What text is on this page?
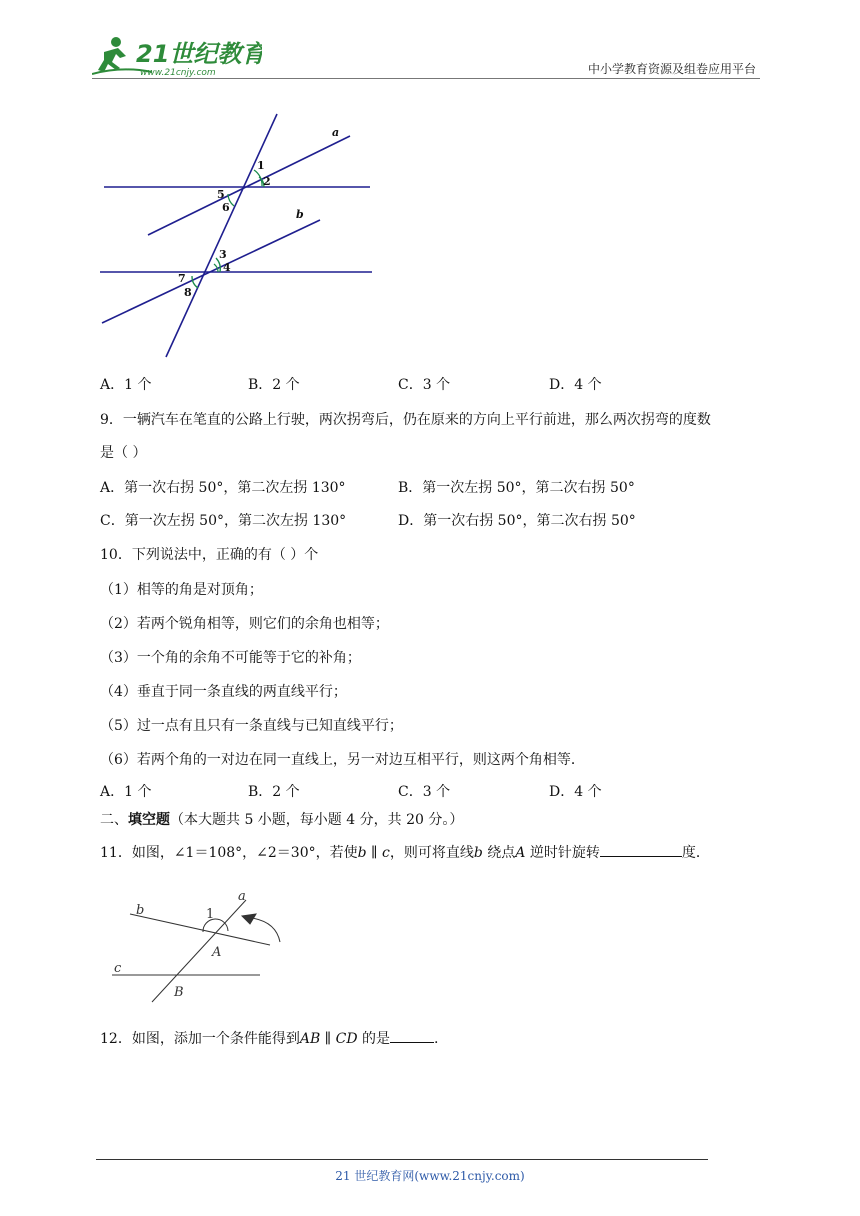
21世纪教育
www.21cnjy.com	中小学教育资源及组卷应用平台
a
b
1
2
5
6
3
4
7
8
A．1 个	B．2 个	C．3 个	D．4 个
9．一辆汽车在笔直的公路上行驶，两次拐弯后，仍在原来的方向上平行前进，那么两次拐弯的度数
是（ ）
A．第一次右拐 50°，第二次左拐 130°	B．第一次左拐 50°，第二次右拐 50°
C．第一次左拐 50°，第二次左拐 130°	D．第一次右拐 50°，第二次右拐 50°
10．下列说法中，正确的有（ ）个
（1）相等的角是对顶角；
（2）若两个锐角相等，则它们的余角也相等；
（3）一个角的余角不可能等于它的补角；
（4）垂直于同一条直线的两直线平行；
（5）过一点有且只有一条直线与已知直线平行；
（6）若两个角的一对边在同一直线上，另一对边互相平行，则这两个角相等．
A．1 个	B．2 个	C．3 个	D．4 个
二、填空题（本大题共 5 小题，每小题 4 分，共 20 分。）
11．如图，∠1＝108°，∠2＝30°，若使b ∥ c，则可将直线b 绕点A 逆时针旋转	度．
a
b
c
A
B
1
12．如图，添加一个条件能得到AB ∥ CD 的是	.
21 世纪教育网(www.21cnjy.com)
